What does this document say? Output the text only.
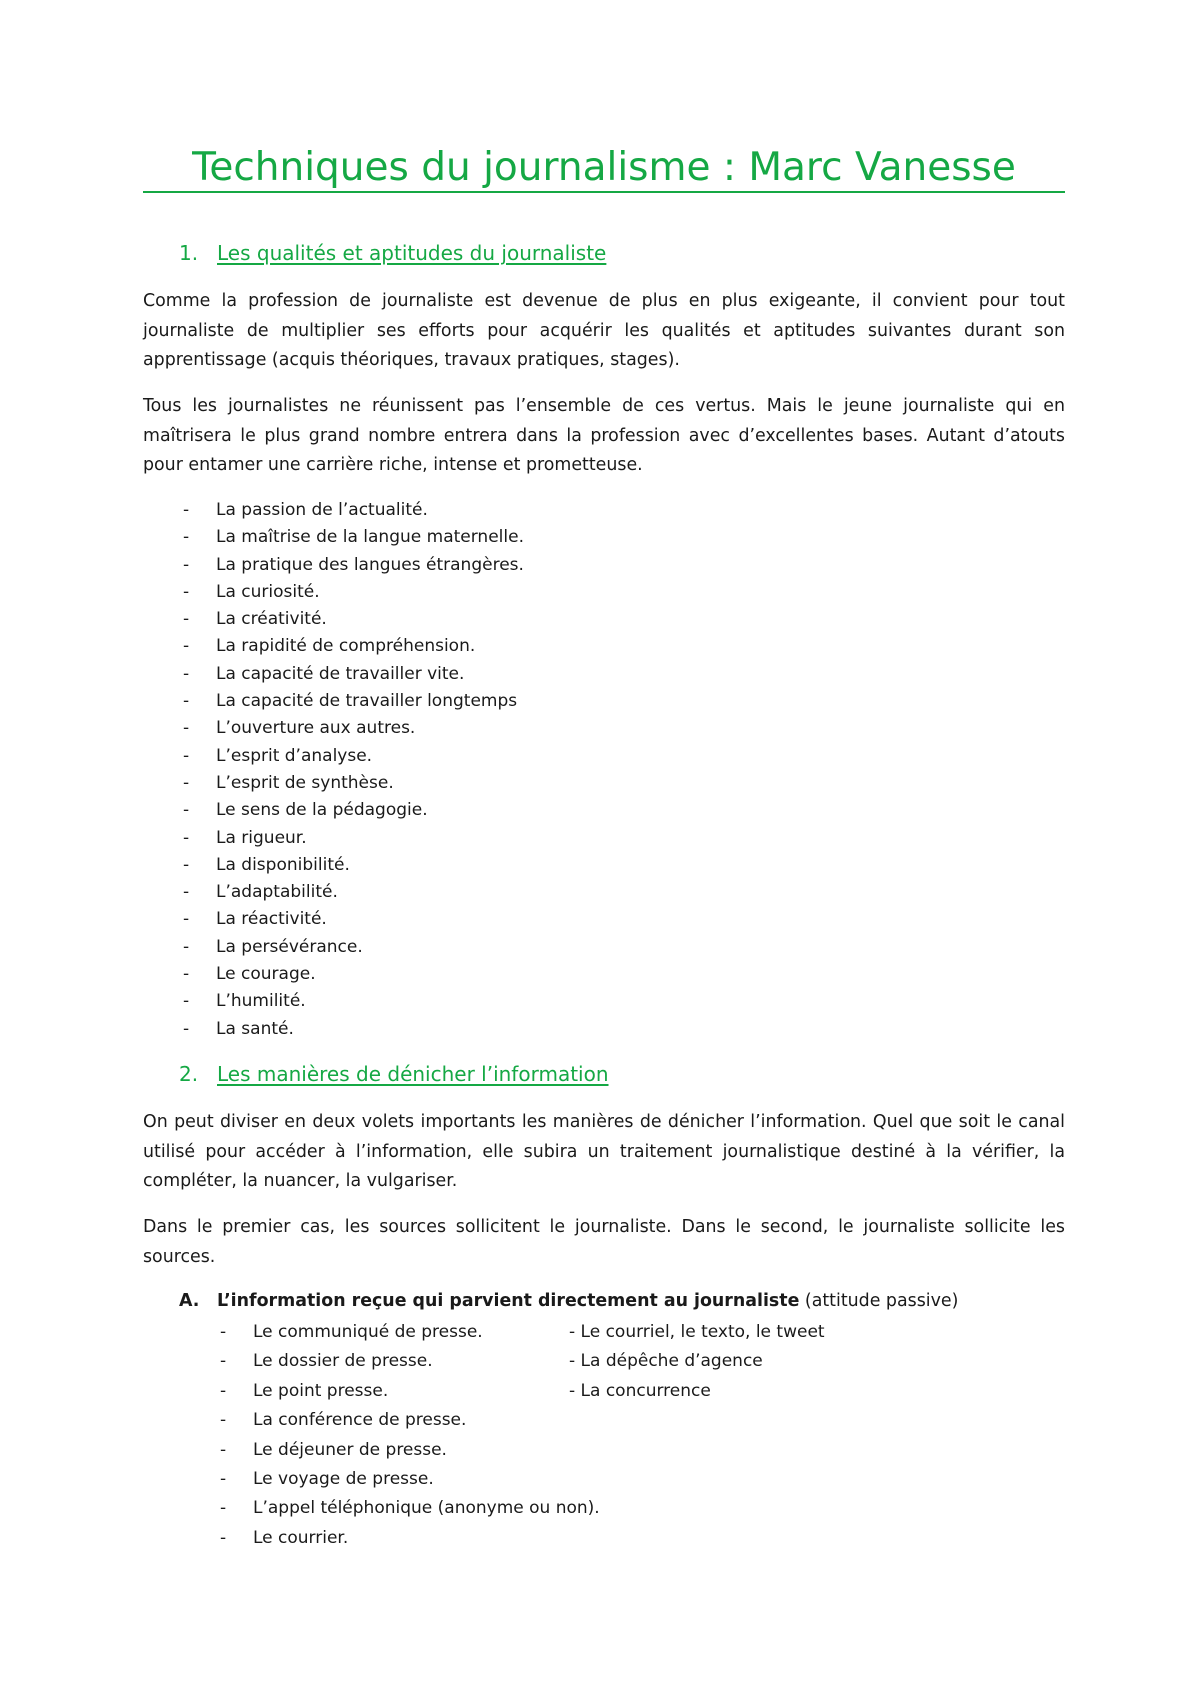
Techniques du journalisme : Marc Vanesse
1. Les qualités et aptitudes du journaliste
Comme la profession de journaliste est devenue de plus en plus exigeante, il convient pour tout journaliste de multiplier ses efforts pour acquérir les qualités et aptitudes suivantes durant son apprentissage (acquis théoriques, travaux pratiques, stages).
Tous les journalistes ne réunissent pas l’ensemble de ces vertus. Mais le jeune journaliste qui en maîtrisera le plus grand nombre entrera dans la profession avec d’excellentes bases. Autant d’atouts pour entamer une carrière riche, intense et prometteuse.
- La passion de l’actualité.
- La maîtrise de la langue maternelle.
- La pratique des langues étrangères.
- La curiosité.
- La créativité.
- La rapidité de compréhension.
- La capacité de travailler vite.
- La capacité de travailler longtemps
- L’ouverture aux autres.
- L’esprit d’analyse.
- L’esprit de synthèse.
- Le sens de la pédagogie.
- La rigueur.
- La disponibilité.
- L’adaptabilité.
- La réactivité.
- La persévérance.
- Le courage.
- L’humilité.
- La santé.
2. Les manières de dénicher l’information
On peut diviser en deux volets importants les manières de dénicher l’information. Quel que soit le canal utilisé pour accéder à l’information, elle subira un traitement journalistique destiné à la vérifier, la compléter, la nuancer, la vulgariser.
Dans le premier cas, les sources sollicitent le journaliste. Dans le second, le journaliste sollicite les sources.
A. L’information reçue qui parvient directement au journaliste (attitude passive)
- Le communiqué de presse.
- Le dossier de presse.
- Le point presse.
- La conférence de presse.
- Le déjeuner de presse.
- Le voyage de presse.
- L’appel téléphonique (anonyme ou non).
- Le courrier.
- Le courriel, le texto, le tweet
- La dépêche d’agence
- La concurrence
